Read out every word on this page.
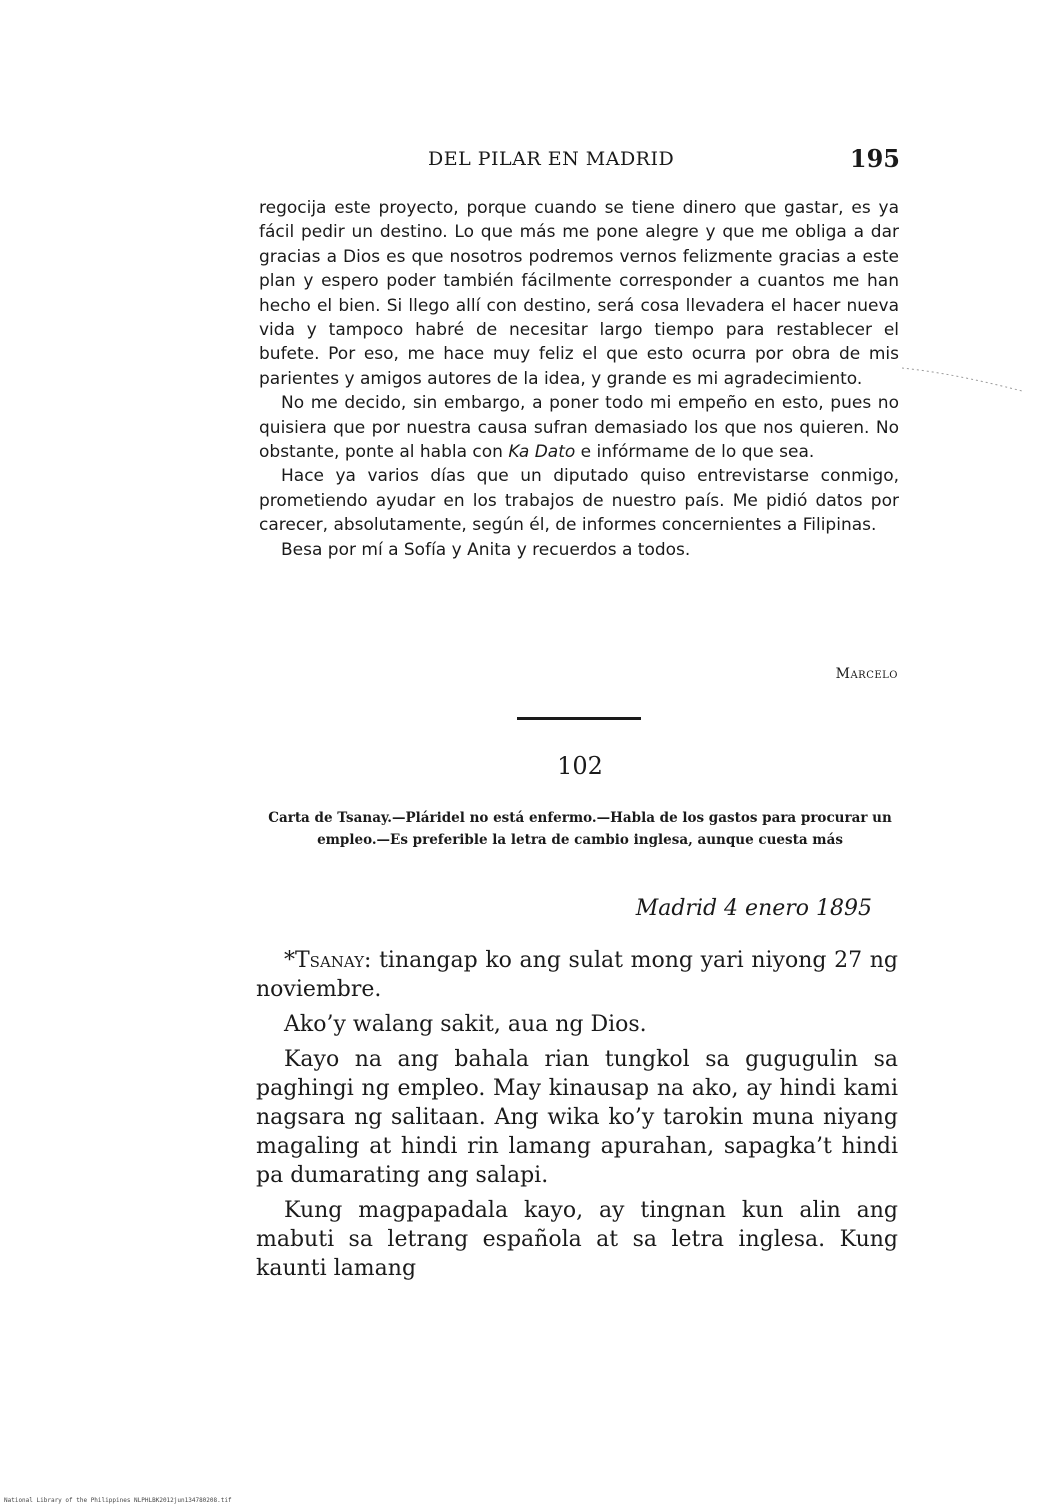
DEL PILAR EN MADRID	195

regocija este proyecto, porque cuando se tiene dinero que gastar, es ya fácil pedir un destino. Lo que más me pone alegre y que me obliga a dar gracias a Dios es que nosotros podremos vernos felizmente gracias a este plan y espero poder también fácilmente corresponder a cuantos me han hecho el bien. Si llego allí con destino, será cosa llevadera el hacer nueva vida y tampoco habré de necesitar largo tiempo para restablecer el bufete. Por eso, me hace muy feliz el que esto ocurra por obra de mis parientes y amigos autores de la idea, y grande es mi agradecimiento.

No me decido, sin embargo, a poner todo mi empeño en esto, pues no quisiera que por nuestra causa sufran demasiado los que nos quieren. No obstante, ponte al habla con Ka Dato e infórmame de lo que sea.

Hace ya varios días que un diputado quiso entrevistarse conmigo, prometiendo ayudar en los trabajos de nuestro país. Me pidió datos por carecer, absolutamente, según él, de informes concernientes a Filipinas.

Besa por mí a Sofía y Anita y recuerdos a todos.

Marcelo
102
Carta de Tsanay.—Pláridel no está enfermo.—Habla de los gastos para procurar un empleo.—Es preferible la letra de cambio inglesa, aunque cuesta más
Madrid 4 enero 1895

*Tsanay: tinangap ko ang sulat mong yari niyong 27 ng noviembre.

Ako’y walang sakit, aua ng Dios.

Kayo na ang bahala rian tungkol sa gugugulin sa paghingi ng empleo. May kinausap na ako, ay hindi kami nagsara ng salitaan. Ang wika ko’y tarokin muna niyang magaling at hindi rin lamang apurahan, sapagka’t hindi pa dumarating ang salapi.

Kung magpapadala kayo, ay tingnan kun alin ang mabuti sa letrang española at sa letra inglesa. Kung kaunti lamang

National Library of the Philippines NLPHLBK2012jun134780208.tif
